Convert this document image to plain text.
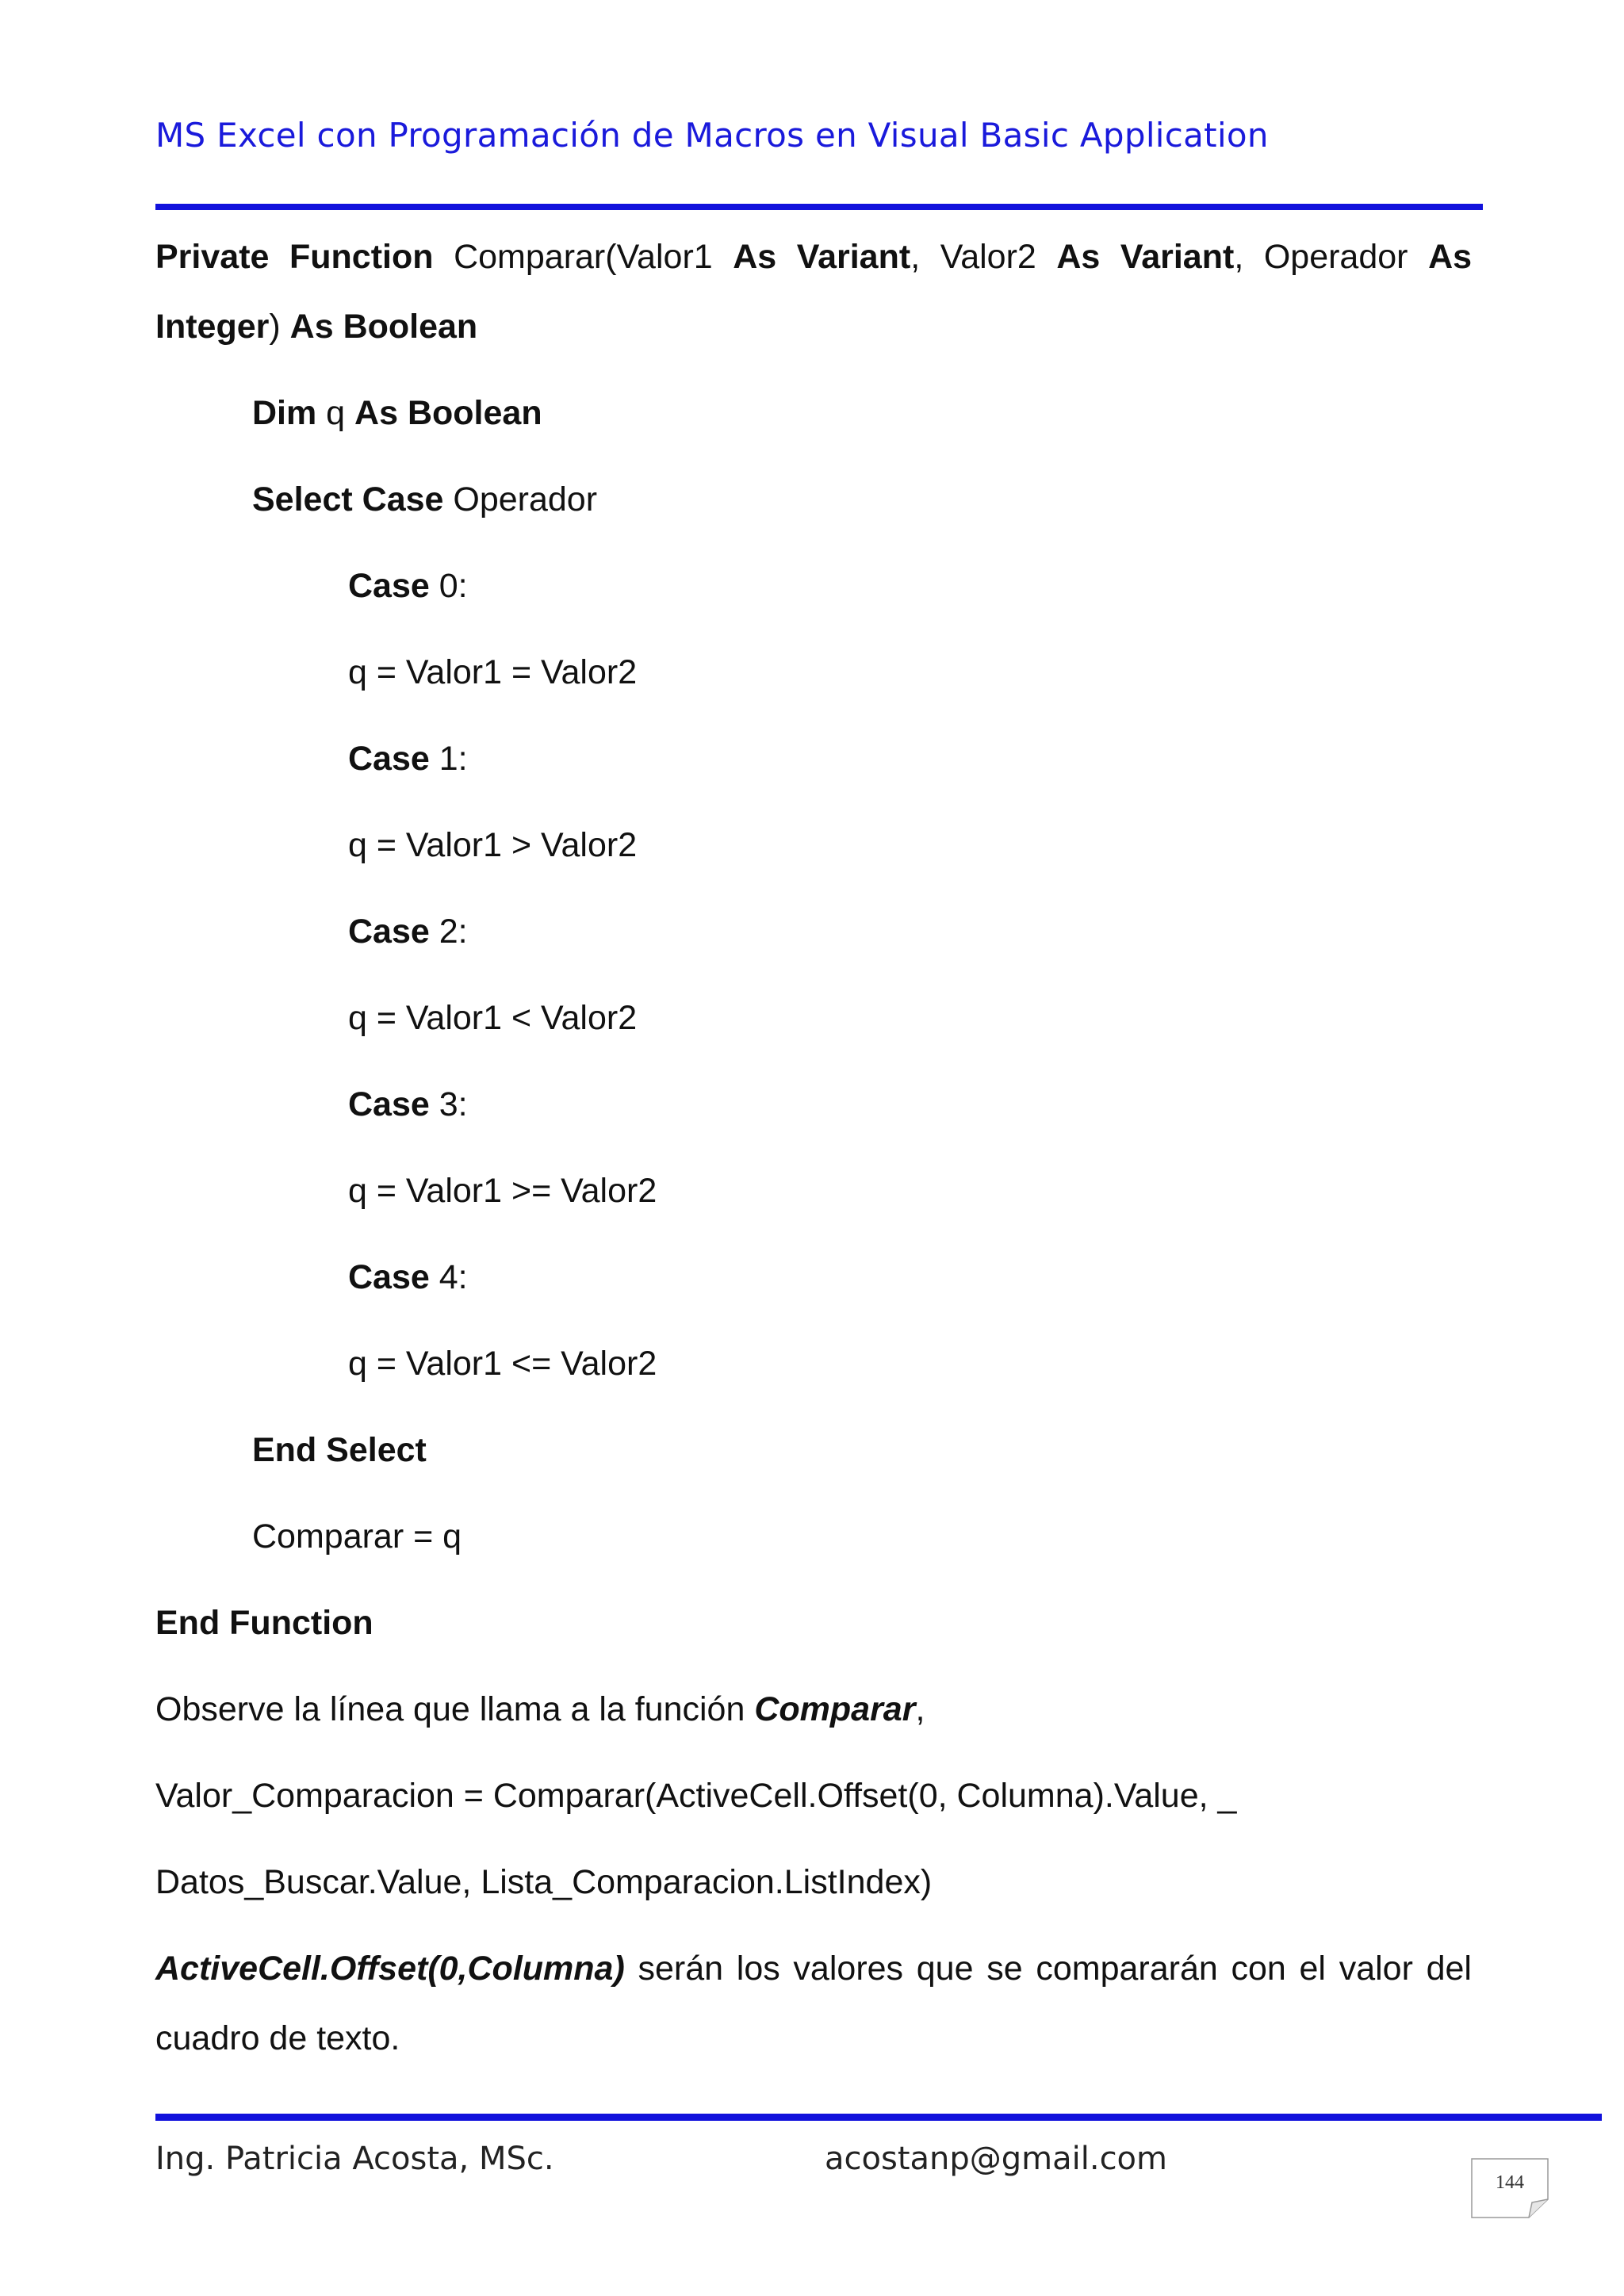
MS Excel con Programación de Macros en Visual Basic Application
Private Function Comparar(Valor1 As Variant, Valor2 As Variant, Operador As
Integer) As Boolean
Dim q As Boolean
Select Case Operador
Case 0:
q = Valor1 = Valor2
Case 1:
q = Valor1 > Valor2
Case 2:
q = Valor1 < Valor2
Case 3:
q = Valor1 >= Valor2
Case 4:
q = Valor1 <= Valor2
End Select
Comparar = q
End Function
Observe la línea que llama a la función Comparar,
Valor_Comparacion = Comparar(ActiveCell.Offset(0, Columna).Value, _
Datos_Buscar.Value, Lista_Comparacion.ListIndex)
ActiveCell.Offset(0,Columna) serán los valores que se compararán con el valor del
cuadro de texto.
Ing. Patricia Acosta, MSc.	acostanp@gmail.com
144
